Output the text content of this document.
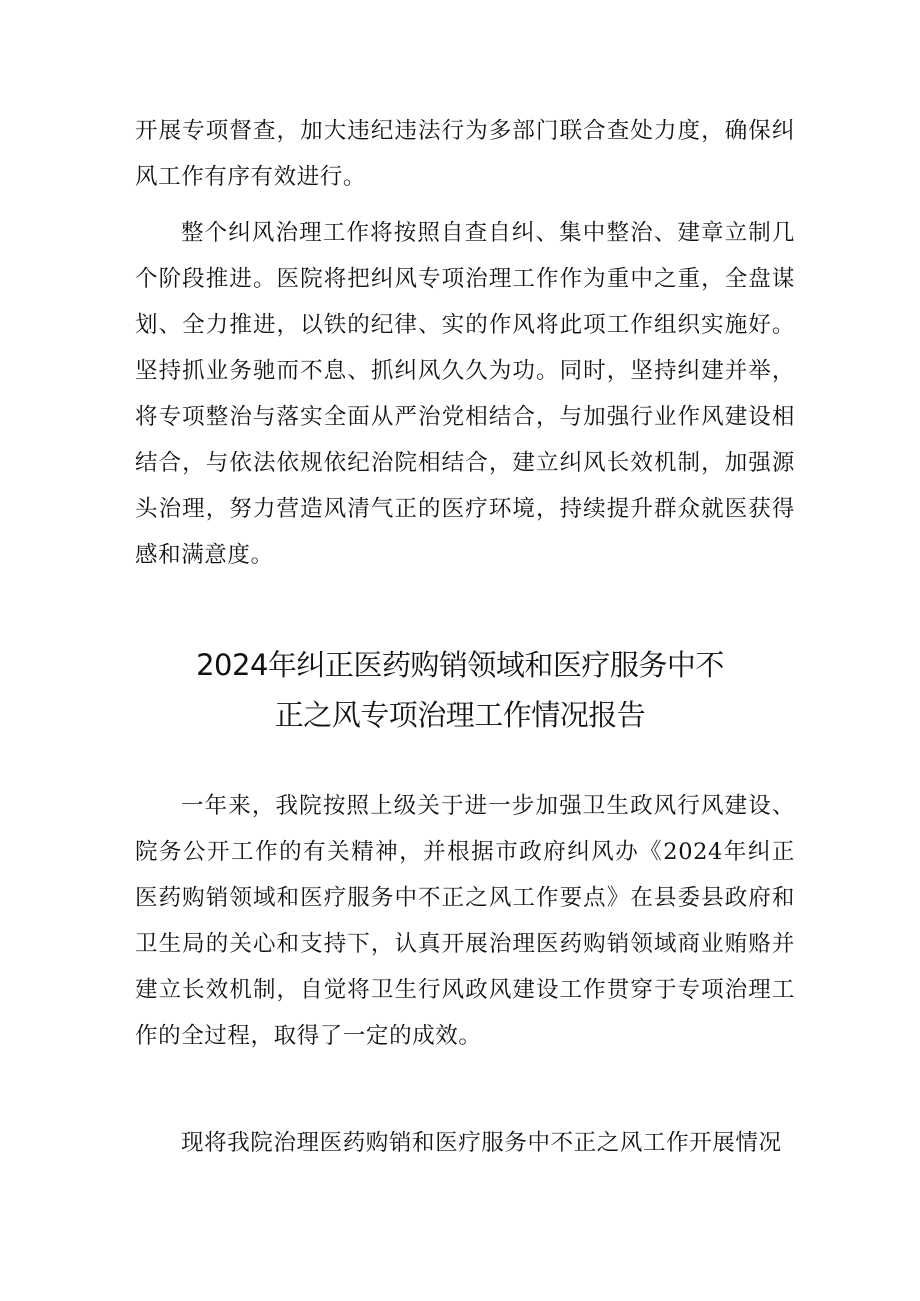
开展专项督查，加大违纪违法行为多部门联合查处力度，确保纠风工作有序有效进行。

整个纠风治理工作将按照自查自纠、集中整治、建章立制几个阶段推进。医院将把纠风专项治理工作作为重中之重，全盘谋划、全力推进，以铁的纪律、实的作风将此项工作组织实施好。坚持抓业务驰而不息、抓纠风久久为功。同时，坚持纠建并举，将专项整治与落实全面从严治党相结合，与加强行业作风建设相结合，与依法依规依纪治院相结合，建立纠风长效机制，加强源头治理，努力营造风清气正的医疗环境，持续提升群众就医获得感和满意度。

2024年纠正医药购销领域和医疗服务中不
正之风专项治理工作情况报告

一年来，我院按照上级关于进一步加强卫生政风行风建设、院务公开工作的有关精神，并根据市政府纠风办《2024年纠正医药购销领域和医疗服务中不正之风工作要点》在县委县政府和卫生局的关心和支持下，认真开展治理医药购销领域商业贿赂并建立长效机制，自觉将卫生行风政风建设工作贯穿于专项治理工作的全过程，取得了一定的成效。

现将我院治理医药购销和医疗服务中不正之风工作开展情况
